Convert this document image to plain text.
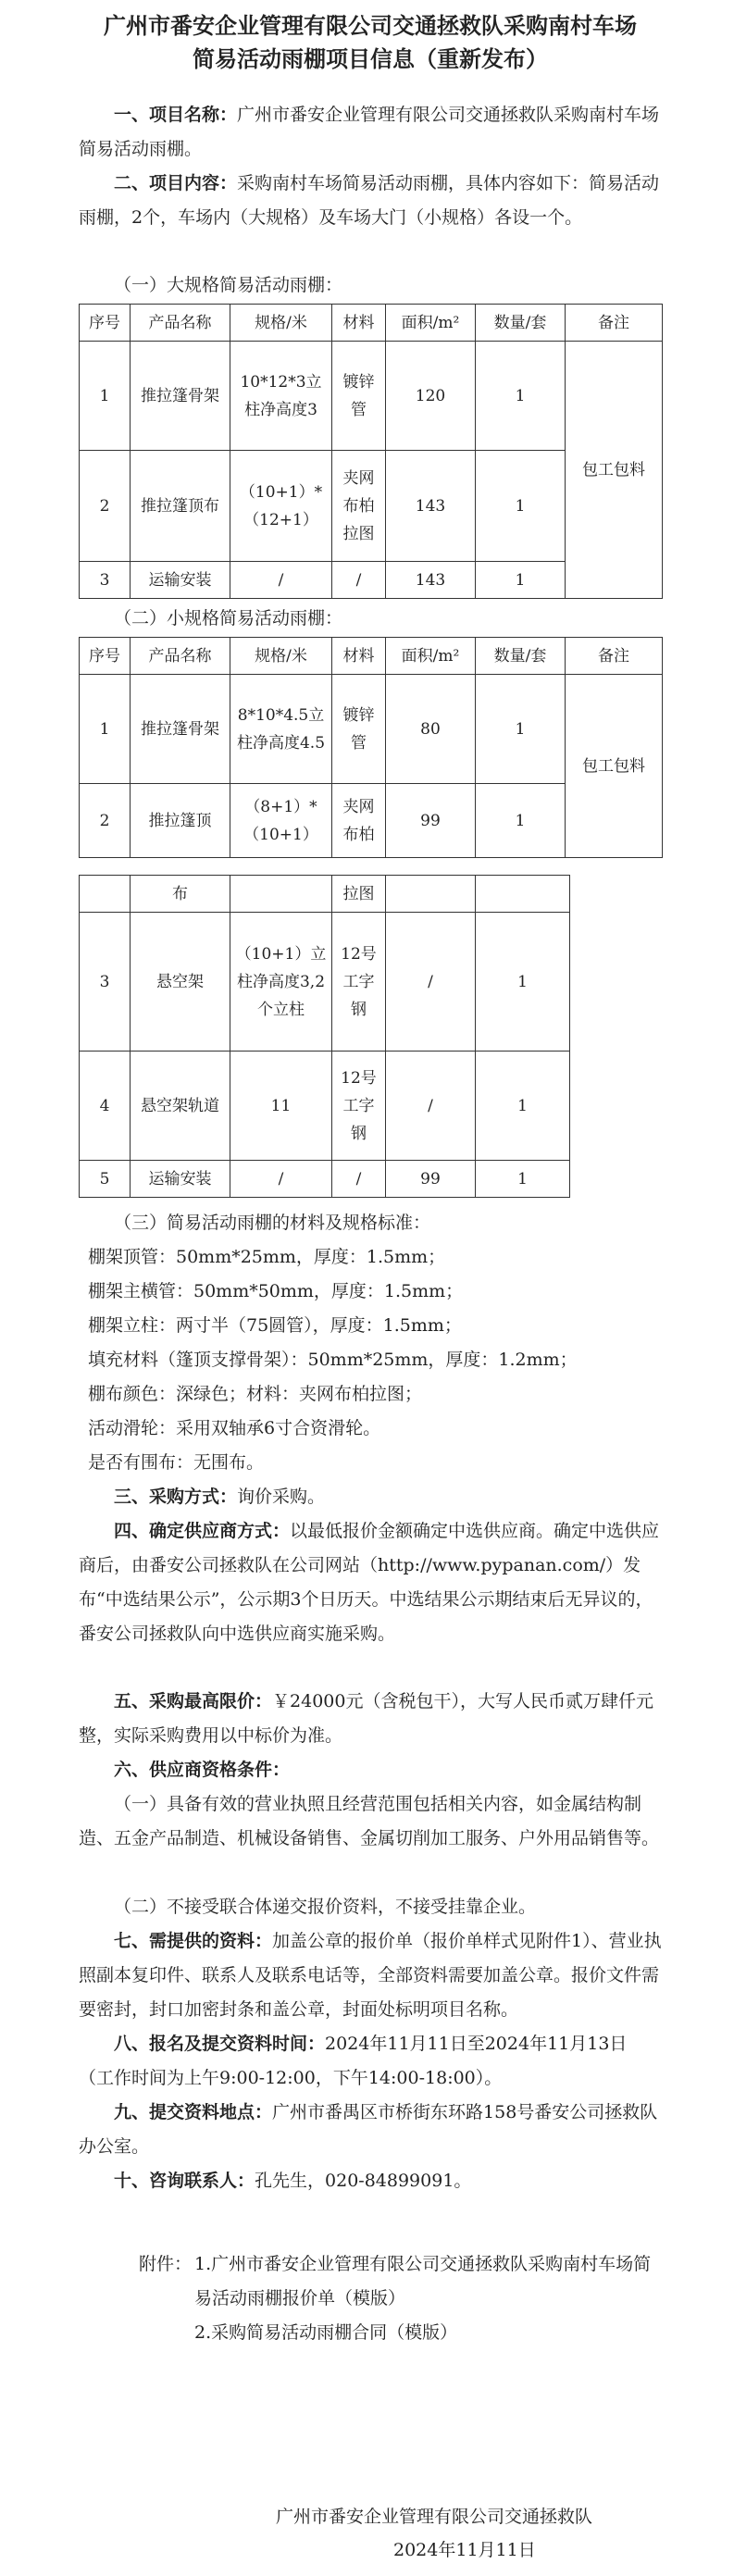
广州市番安企业管理有限公司交通拯救队采购南村车场
简易活动雨棚项目信息（重新发布）
一、项目名称：广州市番安企业管理有限公司交通拯救队采购南村车场简易活动雨棚。
二、项目内容：采购南村车场简易活动雨棚，具体内容如下：简易活动雨棚，2个，车场内（大规格）及车场大门（小规格）各设一个。
（一）大规格简易活动雨棚：
序号	产品名称	规格/米	材料	面积/m²	数量/套	备注
1	推拉篷骨架	10*12*3立柱净高度3	镀锌管	120	1	包工包料
2	推拉篷顶布	（10+1）*（12+1）	夹网布柏拉图	143	1	
3	运输安装	/	/	143	1	
（二）小规格简易活动雨棚：
序号	产品名称	规格/米	材料	面积/m²	数量/套	备注
1	推拉篷骨架	8*10*4.5立柱净高度4.5	镀锌管	80	1	包工包料
2	推拉篷顶	（8+1）*（10+1）	夹网布柏	99	1	
	布		拉图		
3	悬空架	（10+1）立柱净高度3,2个立柱	12号工字钢	/	1
4	悬空架轨道	11	12号工字钢	/	1
5	运输安装	/	/	99	1
（三）简易活动雨棚的材料及规格标准：
棚架顶管：50mm*25mm，厚度：1.5mm；
棚架主横管：50mm*50mm，厚度：1.5mm；
棚架立柱：两寸半（75圆管），厚度：1.5mm；
填充材料（篷顶支撑骨架）：50mm*25mm，厚度：1.2mm；
棚布颜色：深绿色；材料：夹网布柏拉图；
活动滑轮：采用双轴承6寸合资滑轮。
是否有围布：无围布。
三、采购方式：询价采购。
四、确定供应商方式：以最低报价金额确定中选供应商。确定中选供应商后，由番安公司拯救队在公司网站（http://www.pypanan.com/）发布“中选结果公示”，公示期3个日历天。中选结果公示期结束后无异议的，番安公司拯救队向中选供应商实施采购。
五、采购最高限价：￥24000元（含税包干），大写人民币贰万肆仟元整，实际采购费用以中标价为准。
六、供应商资格条件：
（一）具备有效的营业执照且经营范围包括相关内容，如金属结构制造、五金产品制造、机械设备销售、金属切削加工服务、户外用品销售等。
（二）不接受联合体递交报价资料，不接受挂靠企业。
七、需提供的资料：加盖公章的报价单（报价单样式见附件1）、营业执照副本复印件、联系人及联系电话等，全部资料需要加盖公章。报价文件需要密封，封口加密封条和盖公章，封面处标明项目名称。
八、报名及提交资料时间：2024年11月11日至2024年11月13日（工作时间为上午9:00-12:00，下午14:00-18:00）。
九、提交资料地点：广州市番禺区市桥街东环路158号番安公司拯救队办公室。
十、咨询联系人：孔先生，020-84899091。
附件： 1.广州市番安企业管理有限公司交通拯救队采购南村车场简易活动雨棚报价单（模版）
2.采购简易活动雨棚合同（模版）
广州市番安企业管理有限公司交通拯救队
2024年11月11日
